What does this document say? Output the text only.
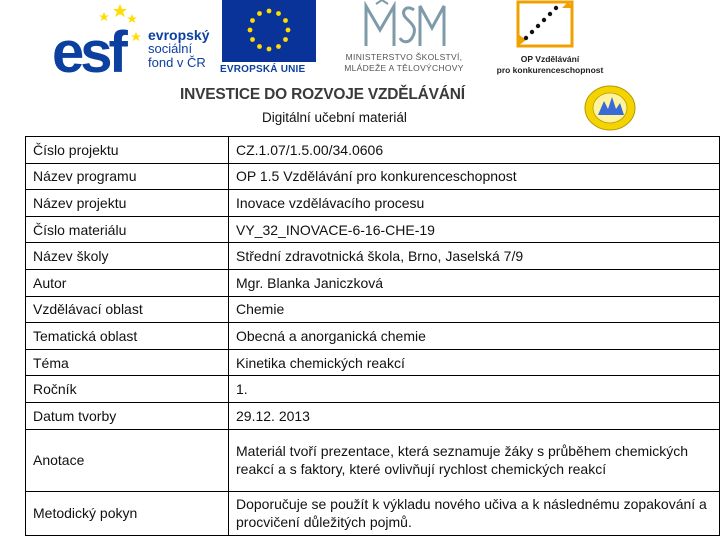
esf	evropský
sociální
fond v ČR	EVROPSKÁ UNIE
MINISTERSTVO ŠKOLSTVÍ,
MLÁDEŽE A TĚLOVÝCHOVY
OP Vzdělávání
pro konkurenceschopnost
INVESTICE DO ROZVOJE VZDĚLÁVÁNÍ
Digitální učební materiál
Číslo projektu	CZ.1.07/1.5.00/34.0606
Název programu	OP 1.5 Vzdělávání pro konkurenceschopnost
Název projektu	Inovace vzdělávacího procesu
Číslo materiálu	VY_32_INOVACE-6-16-CHE-19
Název školy	Střední zdravotnická škola, Brno, Jaselská 7/9
Autor	Mgr. Blanka Janiczková
Vzdělávací oblast	Chemie
Tematická oblast	Obecná a anorganická chemie
Téma	Kinetika chemických reakcí
Ročník	1.
Datum tvorby	29.12. 2013
Anotace	Materiál tvoří prezentace, která seznamuje žáky s průběhem chemických reakcí a s faktory, které ovlivňují rychlost chemických reakcí
Metodický pokyn	Doporučuje se použít k výkladu nového učiva a k následnému zopakování a procvičení důležitých pojmů.
